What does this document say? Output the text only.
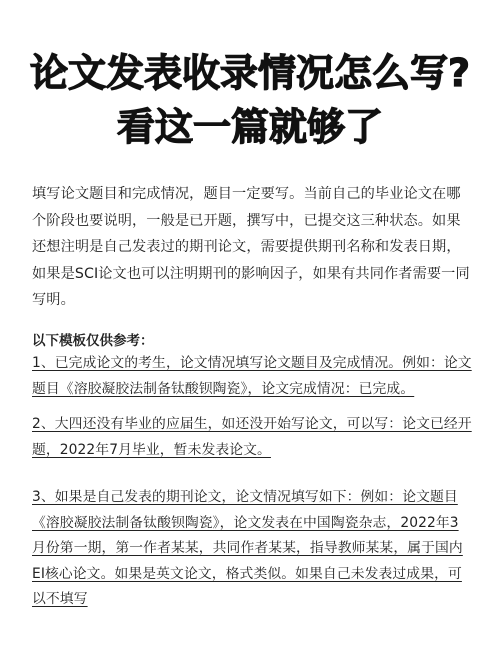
论文发表收录情况怎么写?
看这一篇就够了
填写论文题目和完成情况，题目一定要写。当前自己的毕业论文在哪个阶段也要说明，一般是已开题，撰写中，已提交这三种状态。如果还想注明是自己发表过的期刊论文，需要提供期刊名称和发表日期，如果是SCI论文也可以注明期刊的影响因子，如果有共同作者需要一同写明。
以下模板仅供参考：
1、已完成论文的考生，论文情况填写论文题目及完成情况。例如：论文题目《溶胶凝胶法制备钛酸钡陶瓷》，论文完成情况：已完成。
2、大四还没有毕业的应届生，如还没开始写论文，可以写：论文已经开题，2022年7月毕业，暂未发表论文。
3、如果是自己发表的期刊论文，论文情况填写如下：例如：论文题目《溶胶凝胶法制备钛酸钡陶瓷》，论文发表在中国陶瓷杂志，2022年3月份第一期，第一作者某某，共同作者某某，指导教师某某，属于国内EI核心论文。如果是英文论文，格式类似。如果自己未发表过成果，可以不填写
